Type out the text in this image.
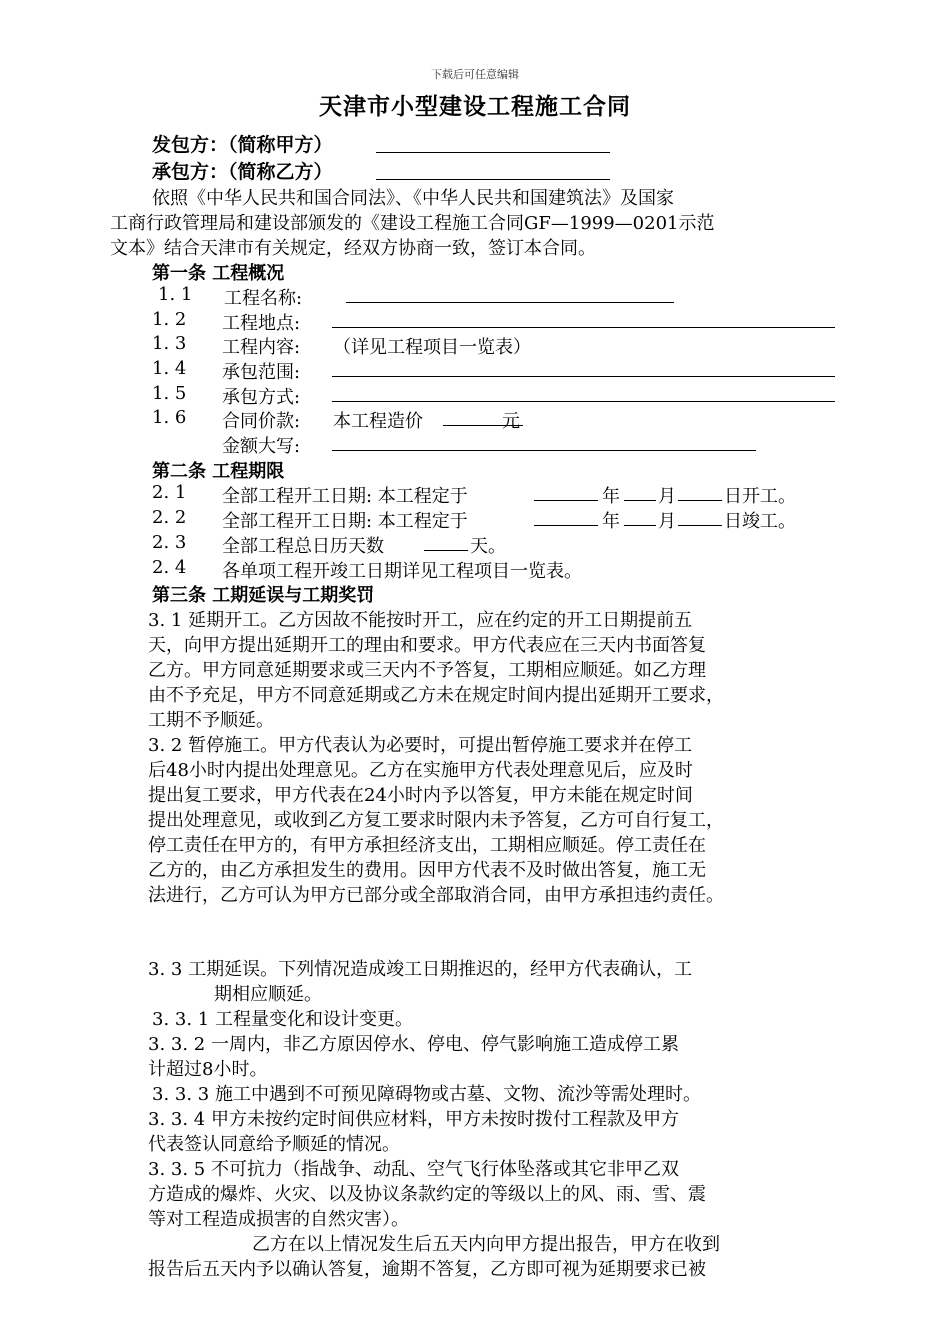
下载后可任意编辑
天津市小型建设工程施工合同
发包方：（简称甲方）
承包方：（简称乙方）
依照《中华人民共和国合同法》、《中华人民共和国建筑法》及国家
工商行政管理局和建设部颁发的《建设工程施工合同GF—1999—0201示范
文本》结合天津市有关规定，经双方协商一致，签订本合同。
第一条 工程概况
1. 1 工程名称:
1. 2 工程地点:
1. 3 工程内容: （详见工程项目一览表）
1. 4 承包范围:
1. 5 承包方式:
1. 6 合同价款: 本工程造价	元
金额大写:
第二条 工程期限
2. 1 全部工程开工日期: 本工程定于	年 月	日开工。
2. 2 全部工程开工日期: 本工程定于	年 月	日竣工。
2. 3 全部工程总日历天数	天。
2. 4 各单项工程开竣工日期详见工程项目一览表。
第三条 工期延误与工期奖罚
3. 1 延期开工。乙方因故不能按时开工，应在约定的开工日期提前五
天，向甲方提出延期开工的理由和要求。甲方代表应在三天内书面答复
乙方。甲方同意延期要求或三天内不予答复，工期相应顺延。如乙方理
由不予充足，甲方不同意延期或乙方未在规定时间内提出延期开工要求，
工期不予顺延。
3. 2 暂停施工。甲方代表认为必要时，可提出暂停施工要求并在停工
后48小时内提出处理意见。乙方在实施甲方代表处理意见后，应及时
提出复工要求，甲方代表在24小时内予以答复，甲方未能在规定时间
提出处理意见，或收到乙方复工要求时限内未予答复，乙方可自行复工，
停工责任在甲方的，有甲方承担经济支出，工期相应顺延。停工责任在
乙方的，由乙方承担发生的费用。因甲方代表不及时做出答复，施工无
法进行，乙方可认为甲方已部分或全部取消合同，由甲方承担违约责任。
3. 3 工期延误。下列情况造成竣工日期推迟的，经甲方代表确认，工
期相应顺延。
3. 3. 1 工程量变化和设计变更。
3. 3. 2 一周内，非乙方原因停水、停电、停气影响施工造成停工累
计超过8小时。
3. 3. 3 施工中遇到不可预见障碍物或古墓、文物、流沙等需处理时。
3. 3. 4 甲方未按约定时间供应材料，甲方未按时拨付工程款及甲方
代表签认同意给予顺延的情况。
3. 3. 5 不可抗力（指战争、动乱、空气飞行体坠落或其它非甲乙双
方造成的爆炸、火灾、以及协议条款约定的等级以上的风、雨、雪、震
等对工程造成损害的自然灾害）。
乙方在以上情况发生后五天内向甲方提出报告，甲方在收到
报告后五天内予以确认答复，逾期不答复，乙方即可视为延期要求已被
